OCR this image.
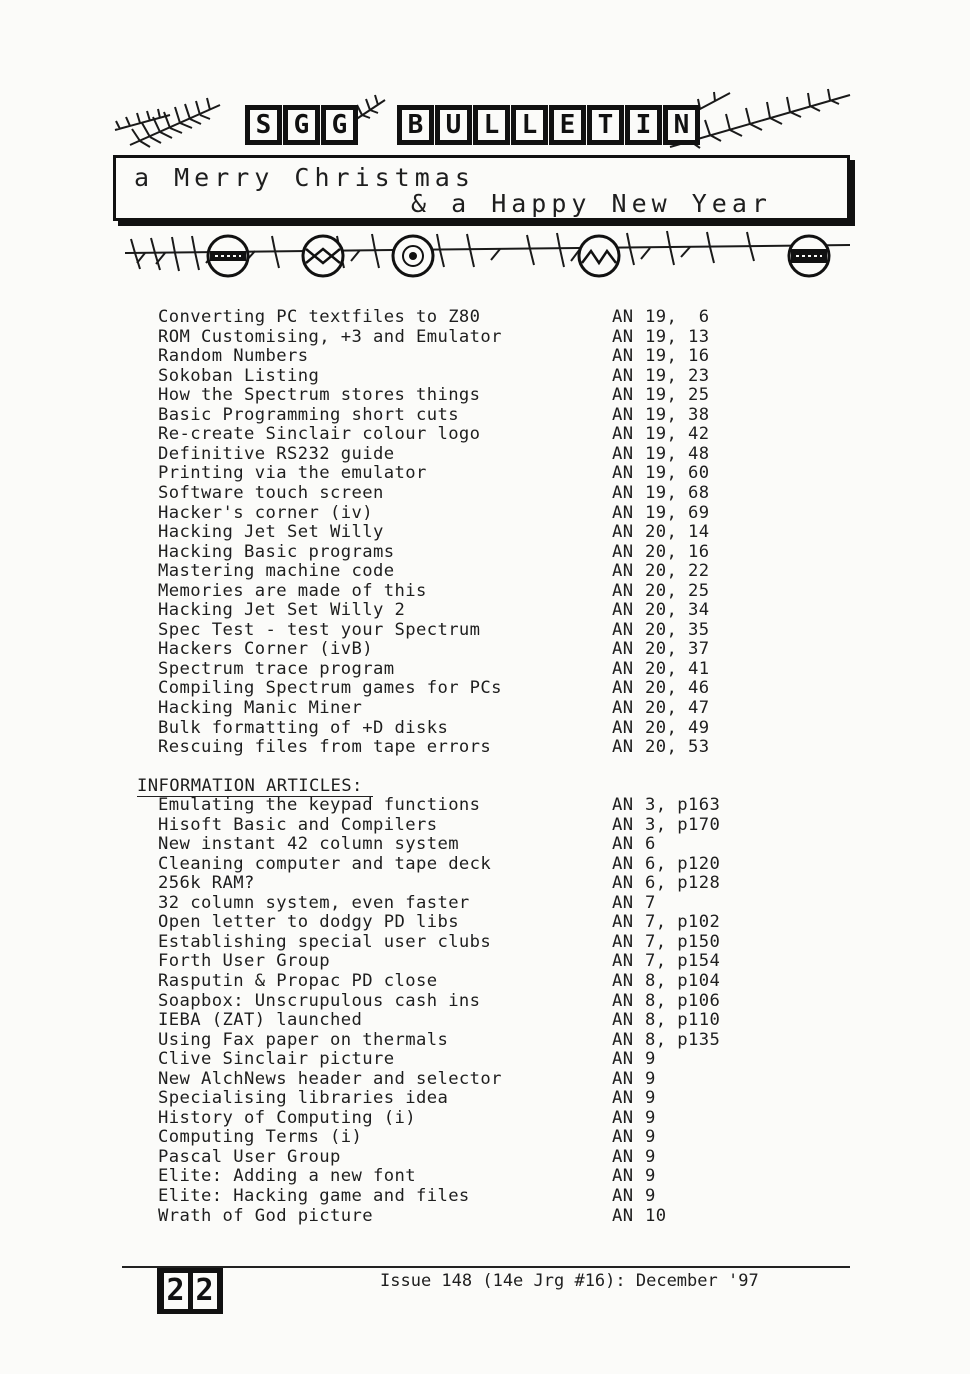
S G G B U L L E T I N
a Merry Christmas
& a Happy New Year
Converting PC textfiles to Z80	AN 19,  6
ROM Customising, +3 and Emulator	AN 19, 13
Random Numbers	AN 19, 16
Sokoban Listing	AN 19, 23
How the Spectrum stores things	AN 19, 25
Basic Programming short cuts	AN 19, 38
Re-create Sinclair colour logo	AN 19, 42
Definitive RS232 guide	AN 19, 48
Printing via the emulator	AN 19, 60
Software touch screen	AN 19, 68
Hacker's corner (iv)	AN 19, 69
Hacking Jet Set Willy	AN 20, 14
Hacking Basic programs	AN 20, 16
Mastering machine code	AN 20, 22
Memories are made of this	AN 20, 25
Hacking Jet Set Willy 2	AN 20, 34
Spec Test - test your Spectrum	AN 20, 35
Hackers Corner (ivB)	AN 20, 37
Spectrum trace program	AN 20, 41
Compiling Spectrum games for PCs	AN 20, 46
Hacking Manic Miner	AN 20, 47
Bulk formatting of +D disks	AN 20, 49
Rescuing files from tape errors	AN 20, 53
Emulating the keypad functions	AN 3, p163
Hisoft Basic and Compilers	AN 3, p170
New instant 42 column system	AN 6
Cleaning computer and tape deck	AN 6, p120
256k RAM?	AN 6, p128
32 column system, even faster	AN 7
Open letter to dodgy PD libs	AN 7, p102
Establishing special user clubs	AN 7, p150
Forth User Group	AN 7, p154
Rasputin & Propac PD close	AN 8, p104
Soapbox: Unscrupulous cash ins	AN 8, p106
IEBA (ZAT) launched	AN 8, p110
Using Fax paper on thermals	AN 8, p135
Clive Sinclair picture	AN 9
New AlchNews header and selector	AN 9
Specialising libraries idea	AN 9
History of Computing (i)	AN 9
Computing Terms (i)	AN 9
Pascal User Group	AN 9
Elite: Adding a new font	AN 9
Elite: Hacking game and files	AN 9
Wrath of God picture	AN 10
INFORMATION ARTICLES:
2 2	Issue 148 (14e Jrg #16): December '97
